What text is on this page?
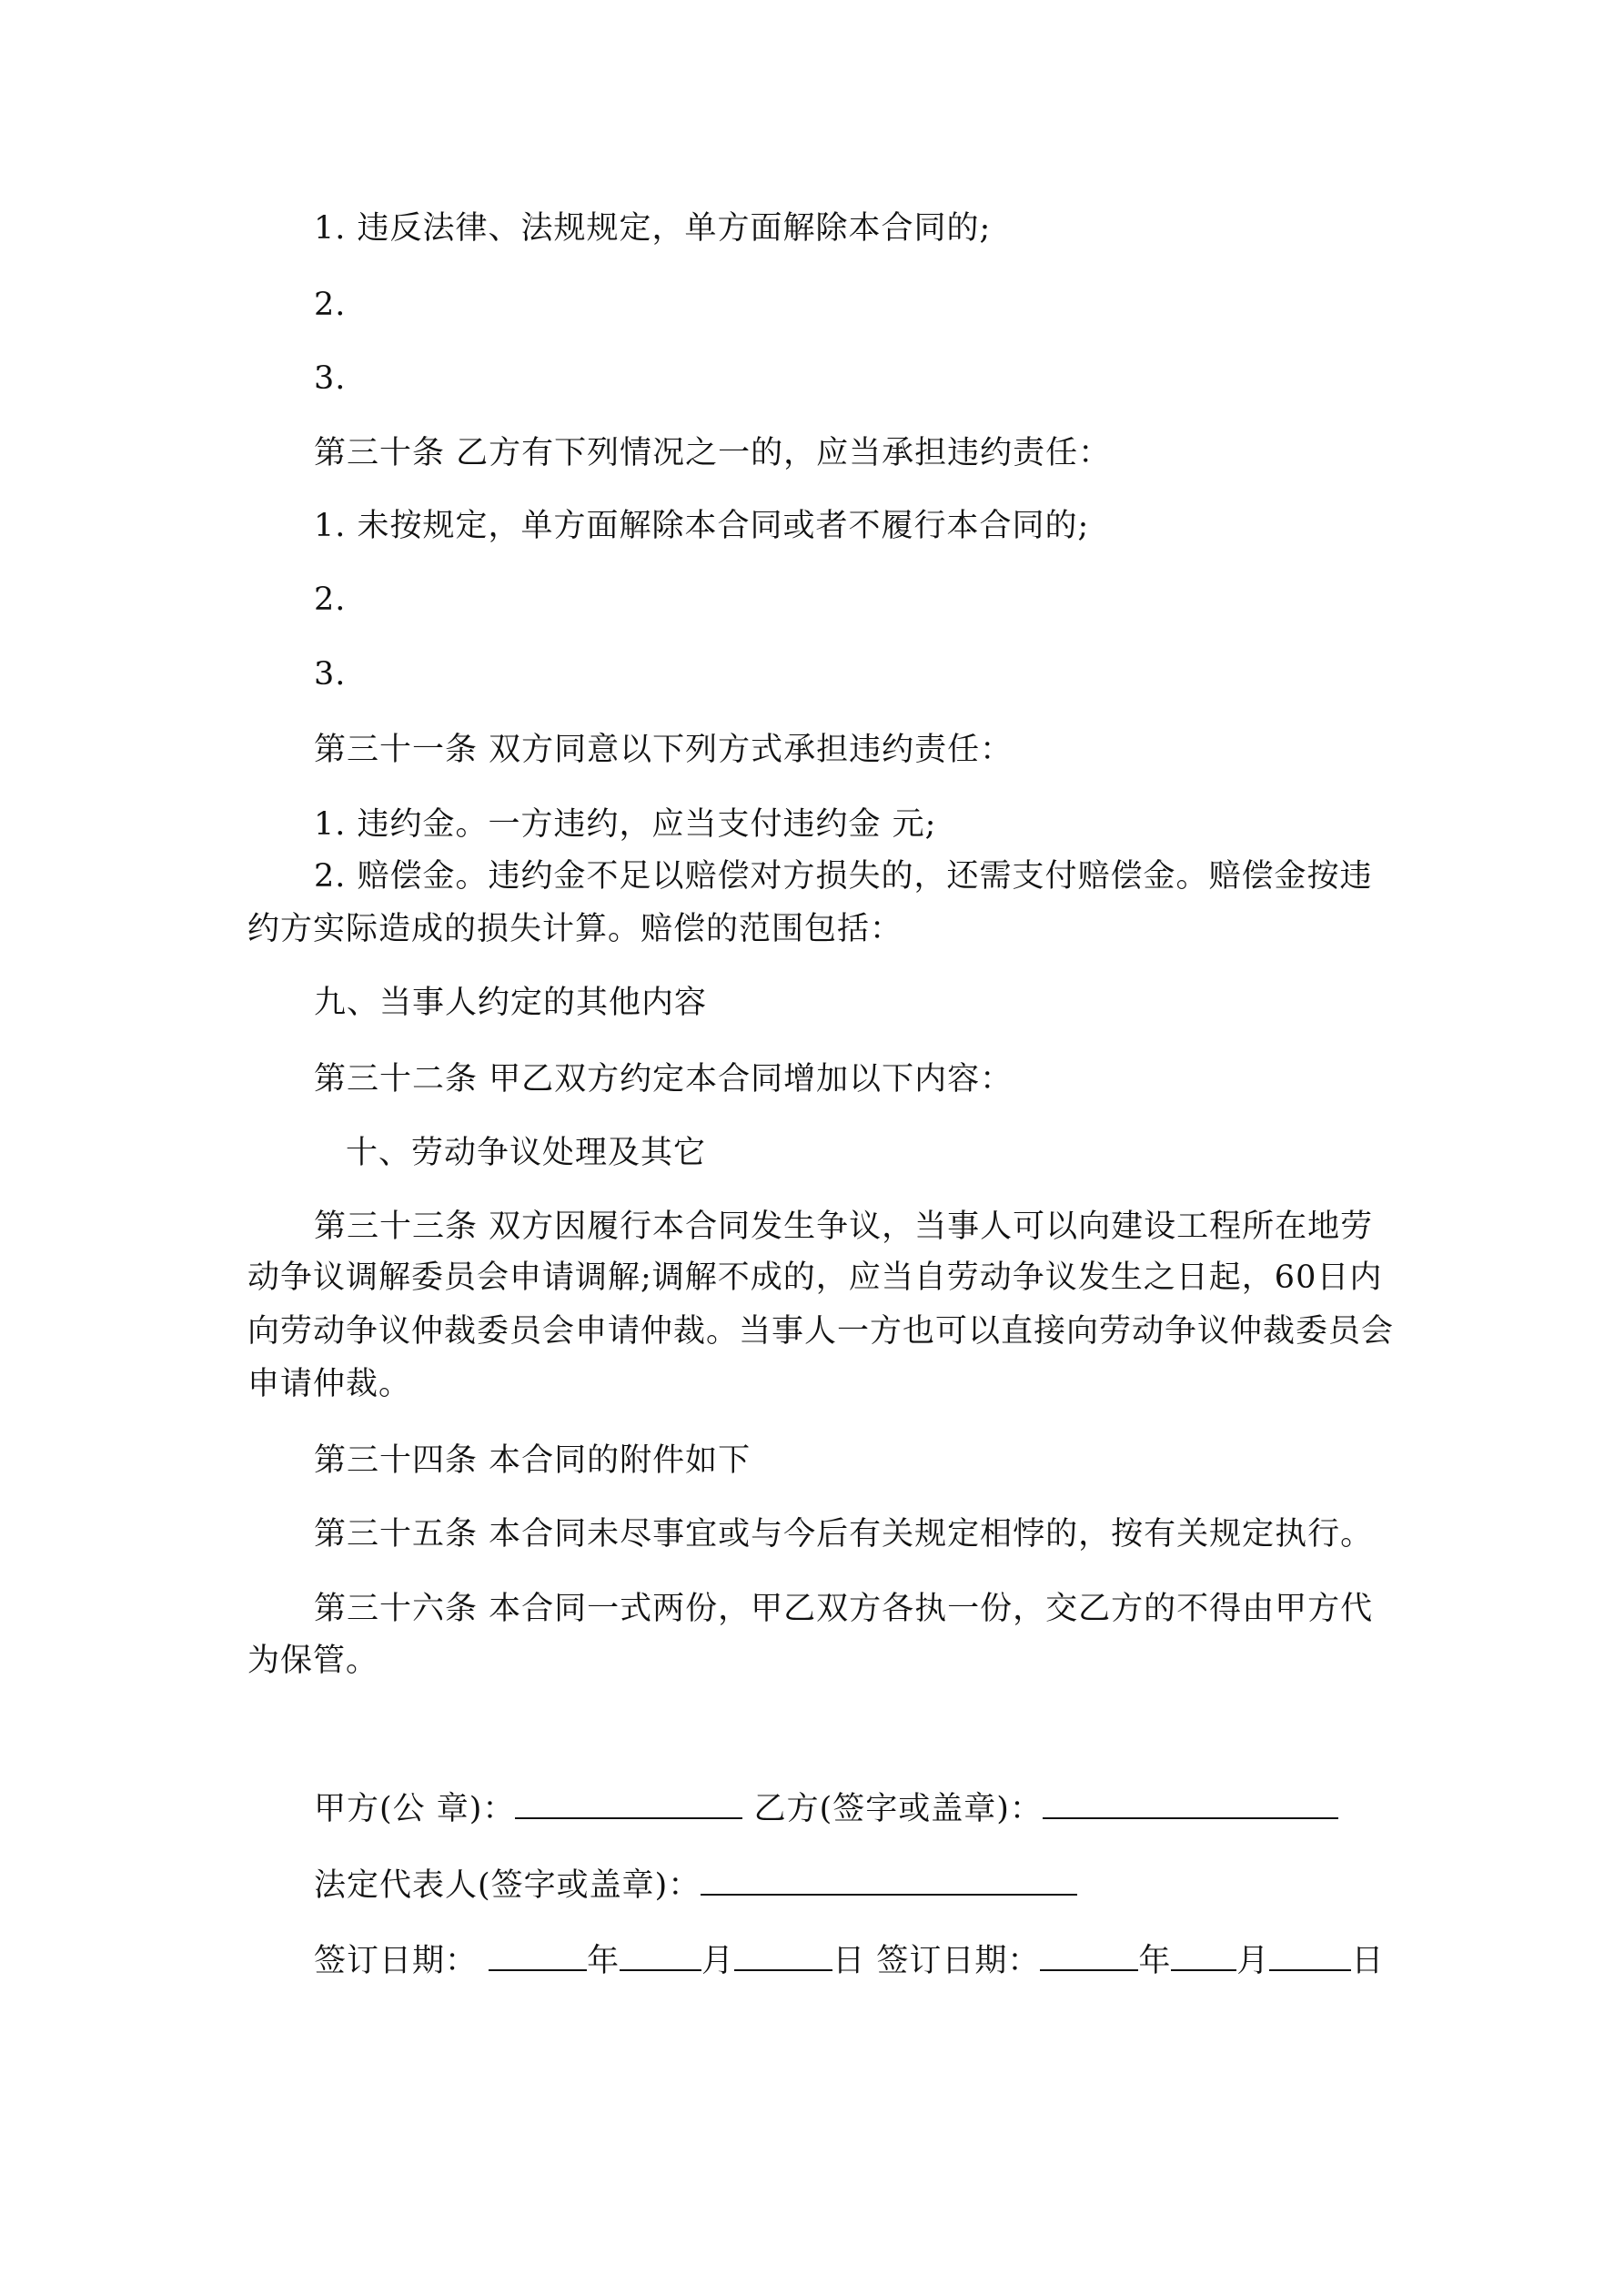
1. 违反法律、法规规定，单方面解除本合同的;
2.
3.
第三十条 乙方有下列情况之一的，应当承担违约责任：
1. 未按规定，单方面解除本合同或者不履行本合同的;
2.
3.
第三十一条 双方同意以下列方式承担违约责任：
1. 违约金。一方违约，应当支付违约金 元;
2. 赔偿金。违约金不足以赔偿对方损失的，还需支付赔偿金。赔偿金按违
约方实际造成的损失计算。赔偿的范围包括：
九、当事人约定的其他内容
第三十二条 甲乙双方约定本合同增加以下内容：
十、劳动争议处理及其它
第三十三条 双方因履行本合同发生争议，当事人可以向建设工程所在地劳
动争议调解委员会申请调解;调解不成的，应当自劳动争议发生之日起，60日内
向劳动争议仲裁委员会申请仲裁。当事人一方也可以直接向劳动争议仲裁委员会
申请仲裁。
第三十四条 本合同的附件如下
第三十五条 本合同未尽事宜或与今后有关规定相悖的，按有关规定执行。
第三十六条 本合同一式两份，甲乙双方各执一份，交乙方的不得由甲方代
为保管。
甲方(公 章)：	乙方(签字或盖章)：
法定代表人(签字或盖章)：
签订日期：	年	月	日 签订日期：	年 月	日
